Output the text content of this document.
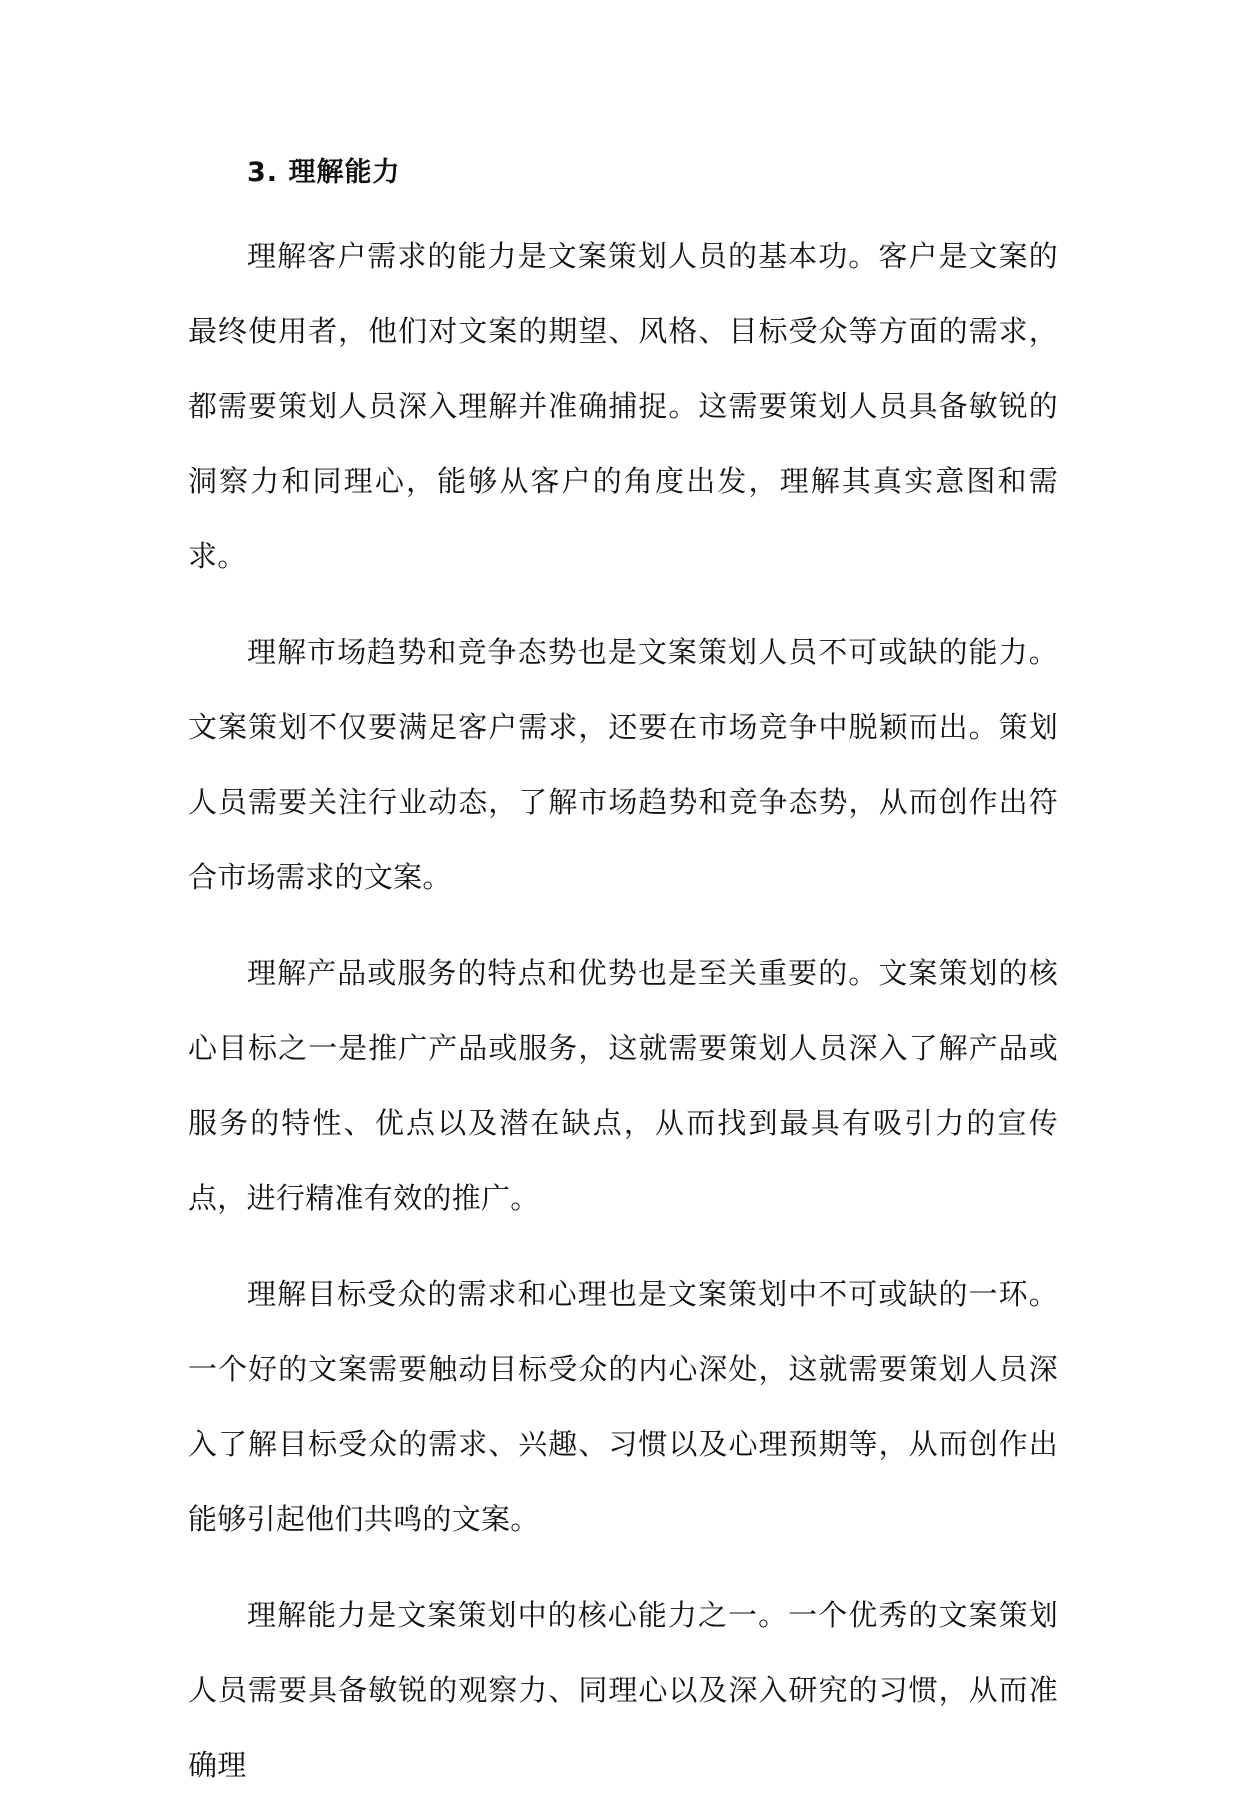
3. 理解能力

理解客户需求的能力是文案策划人员的基本功。客户是文案的最终使用者，他们对文案的期望、风格、目标受众等方面的需求，都需要策划人员深入理解并准确捕捉。这需要策划人员具备敏锐的洞察力和同理心，能够从客户的角度出发，理解其真实意图和需求。

理解市场趋势和竞争态势也是文案策划人员不可或缺的能力。文案策划不仅要满足客户需求，还要在市场竞争中脱颖而出。策划人员需要关注行业动态，了解市场趋势和竞争态势，从而创作出符合市场需求的文案。

理解产品或服务的特点和优势也是至关重要的。文案策划的核心目标之一是推广产品或服务，这就需要策划人员深入了解产品或服务的特性、优点以及潜在缺点，从而找到最具有吸引力的宣传点，进行精准有效的推广。

理解目标受众的需求和心理也是文案策划中不可或缺的一环。一个好的文案需要触动目标受众的内心深处，这就需要策划人员深入了解目标受众的需求、兴趣、习惯以及心理预期等，从而创作出能够引起他们共鸣的文案。

理解能力是文案策划中的核心能力之一。一个优秀的文案策划人员需要具备敏锐的观察力、同理心以及深入研究的习惯，从而准确理
